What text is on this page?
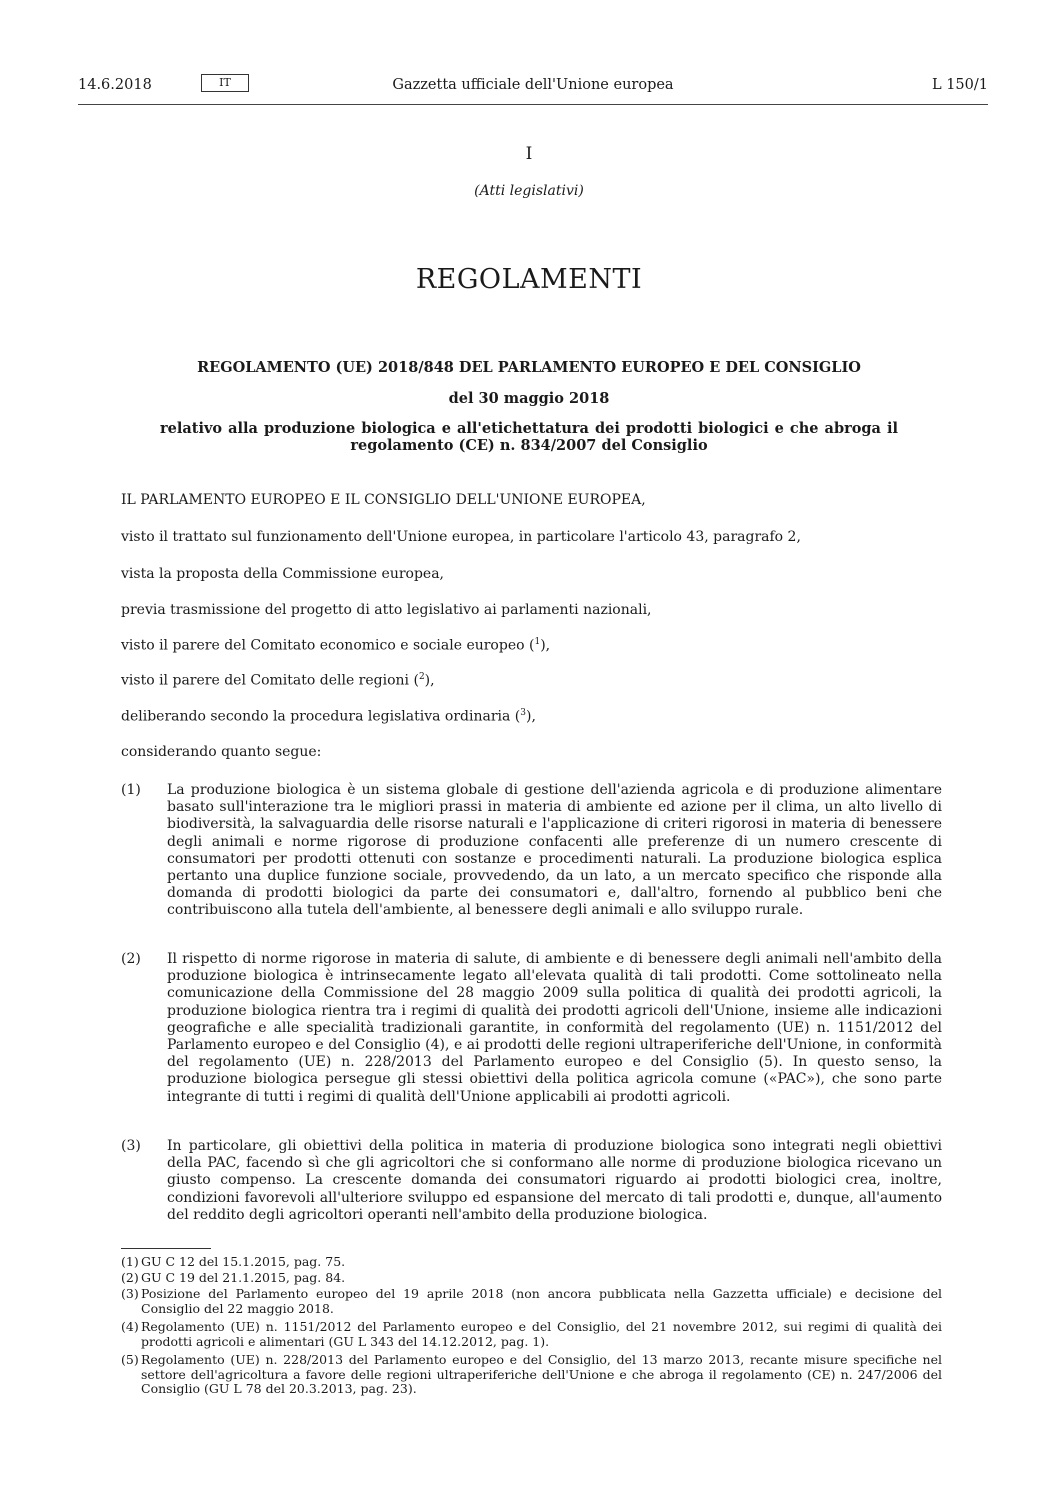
14.6.2018	IT	Gazzetta ufficiale dell'Unione europea	L 150/1
I
(Atti legislativi)
REGOLAMENTI
REGOLAMENTO (UE) 2018/848 DEL PARLAMENTO EUROPEO E DEL CONSIGLIO
del 30 maggio 2018
relativo alla produzione biologica e all'etichettatura dei prodotti biologici e che abroga il regolamento (CE) n. 834/2007 del Consiglio
IL PARLAMENTO EUROPEO E IL CONSIGLIO DELL'UNIONE EUROPEA,
visto il trattato sul funzionamento dell'Unione europea, in particolare l'articolo 43, paragrafo 2,
vista la proposta della Commissione europea,
previa trasmissione del progetto di atto legislativo ai parlamenti nazionali,
visto il parere del Comitato economico e sociale europeo ($^1$),
visto il parere del Comitato delle regioni ($^2$),
deliberando secondo la procedura legislativa ordinaria ($^3$),
considerando quanto segue:
(1)	La produzione biologica è un sistema globale di gestione dell'azienda agricola e di produzione alimentare basato sull'interazione tra le migliori prassi in materia di ambiente ed azione per il clima, un alto livello di biodiversità, la salvaguardia delle risorse naturali e l'applicazione di criteri rigorosi in materia di benessere degli animali e norme rigorose di produzione confacenti alle preferenze di un numero crescente di consumatori per prodotti ottenuti con sostanze e procedimenti naturali. La produzione biologica esplica pertanto una duplice funzione sociale, provvedendo, da un lato, a un mercato specifico che risponde alla domanda di prodotti biologici da parte dei consumatori e, dall'altro, fornendo al pubblico beni che contribuiscono alla tutela dell'ambiente, al benessere degli animali e allo sviluppo rurale.
(2)	Il rispetto di norme rigorose in materia di salute, di ambiente e di benessere degli animali nell'ambito della produzione biologica è intrinsecamente legato all'elevata qualità di tali prodotti. Come sottolineato nella comunicazione della Commissione del 28 maggio 2009 sulla politica di qualità dei prodotti agricoli, la produzione biologica rientra tra i regimi di qualità dei prodotti agricoli dell'Unione, insieme alle indicazioni geografiche e alle specialità tradizionali garantite, in conformità del regolamento (UE) n. 1151/2012 del Parlamento europeo e del Consiglio (4), e ai prodotti delle regioni ultraperiferiche dell'Unione, in conformità del regolamento (UE) n. 228/2013 del Parlamento europeo e del Consiglio (5). In questo senso, la produzione biologica persegue gli stessi obiettivi della politica agricola comune («PAC»), che sono parte integrante di tutti i regimi di qualità dell'Unione applicabili ai prodotti agricoli.
(3)	In particolare, gli obiettivi della politica in materia di produzione biologica sono integrati negli obiettivi della PAC, facendo sì che gli agricoltori che si conformano alle norme di produzione biologica ricevano un giusto compenso. La crescente domanda dei consumatori riguardo ai prodotti biologici crea, inoltre, condizioni favorevoli all'ulteriore sviluppo ed espansione del mercato di tali prodotti e, dunque, all'aumento del reddito degli agricoltori operanti nell'ambito della produzione biologica.
(1) GU C 12 del 15.1.2015, pag. 75.
(2) GU C 19 del 21.1.2015, pag. 84.
(3) Posizione del Parlamento europeo del 19 aprile 2018 (non ancora pubblicata nella Gazzetta ufficiale) e decisione del Consiglio del 22 maggio 2018.
(4) Regolamento (UE) n. 1151/2012 del Parlamento europeo e del Consiglio, del 21 novembre 2012, sui regimi di qualità dei prodotti agricoli e alimentari (GU L 343 del 14.12.2012, pag. 1).
(5) Regolamento (UE) n. 228/2013 del Parlamento europeo e del Consiglio, del 13 marzo 2013, recante misure specifiche nel settore dell'agricoltura a favore delle regioni ultraperiferiche dell'Unione e che abroga il regolamento (CE) n. 247/2006 del Consiglio (GU L 78 del 20.3.2013, pag. 23).
